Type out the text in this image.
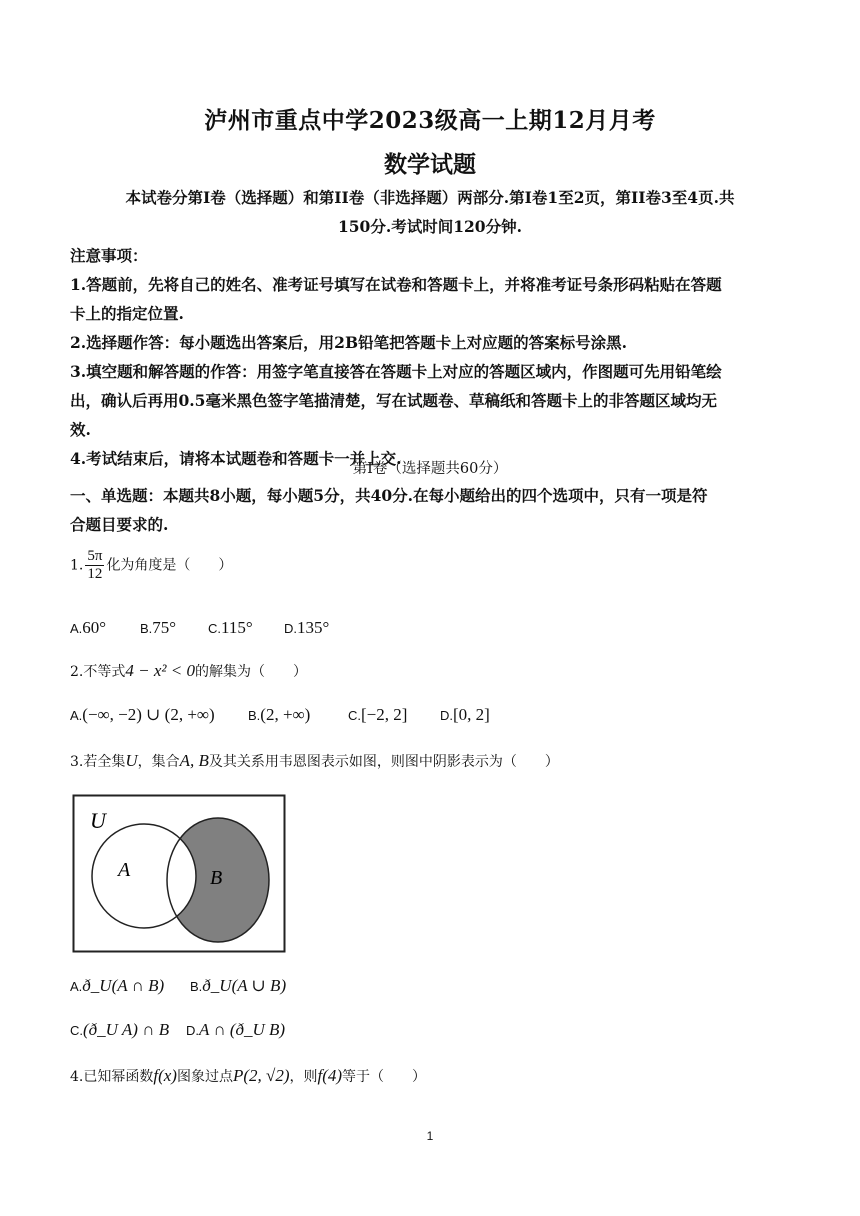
泸州市重点中学2023级高一上期12月月考
数学试题
本试卷分第I卷（选择题）和第II卷（非选择题）两部分.第I卷1至2页，第II卷3至4页.共
150分.考试时间120分钟.
注意事项：
1.答题前，先将自己的姓名、准考证号填写在试卷和答题卡上，并将准考证号条形码粘贴在答题
卡上的指定位置.
2.选择题作答：每小题选出答案后，用2B铅笔把答题卡上对应题的答案标号涂黑.
3.填空题和解答题的作答：用签字笔直接答在答题卡上对应的答题区域内，作图题可先用铅笔绘
出，确认后再用0.5毫米黑色签字笔描清楚，写在试题卷、草稿纸和答题卡上的非答题区域均无
效.
4.考试结束后，请将本试题卷和答题卡一并上交.
第I卷（选择题共60分）
一、单选题：本题共8小题，每小题5分，共40分.在每小题给出的四个选项中，只有一项是符
合题目要求的.
1. $\frac{5\pi}{12}$ 化为角度是（　　）
A.60°	B.75° C.115° D.135°
2.不等式4 − x² < 0的解集为（　　）
A.(−∞, −2) ∪ (2, +∞)	B.(2, +∞)	C.[−2, 2]	D.[0, 2]
3.若全集U，集合A, B及其关系用韦恩图表示如图，则图中阴影表示为（　　）
U
A	B
A.ð_U(A ∩ B) B.ð_U(A ∪ B)
C.(ð_U A) ∩ B D.A ∩ (ð_U B)
4.已知幂函数f(x)图象过点P(2, √2)，则f(4)等于（　　）
1
